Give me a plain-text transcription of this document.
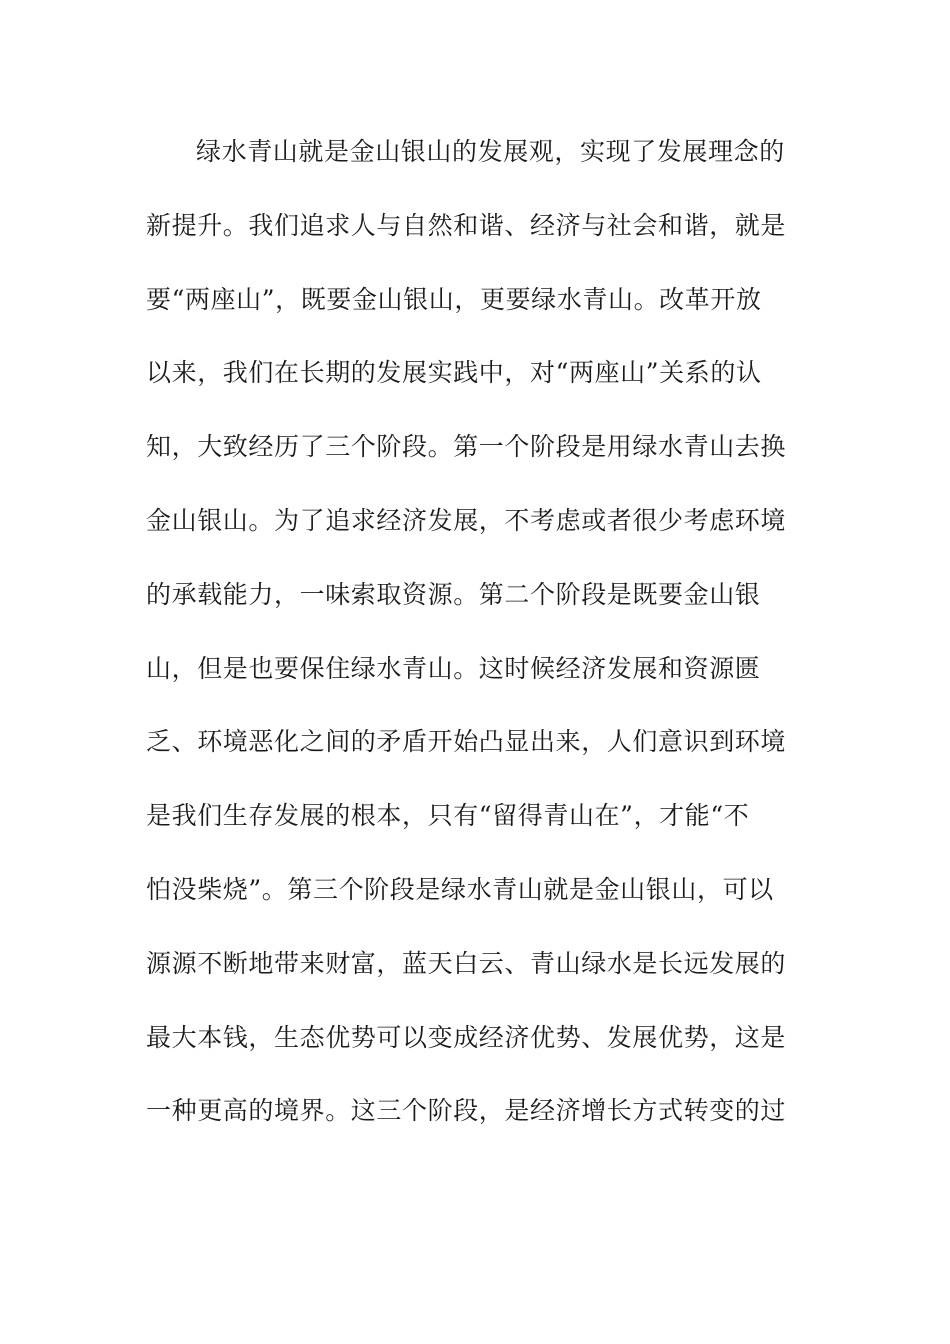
绿水青山就是金山银山的发展观，实现了发展理念的
新提升。我们追求人与自然和谐、经济与社会和谐，就是
要“两座山”，既要金山银山，更要绿水青山。改革开放
以来，我们在长期的发展实践中，对“两座山”关系的认
知，大致经历了三个阶段。第一个阶段是用绿水青山去换
金山银山。为了追求经济发展，不考虑或者很少考虑环境
的承载能力，一味索取资源。第二个阶段是既要金山银
山，但是也要保住绿水青山。这时候经济发展和资源匮
乏、环境恶化之间的矛盾开始凸显出来，人们意识到环境
是我们生存发展的根本，只有“留得青山在”，才能“不
怕没柴烧”。第三个阶段是绿水青山就是金山银山，可以
源源不断地带来财富，蓝天白云、青山绿水是长远发展的
最大本钱，生态优势可以变成经济优势、发展优势，这是
一种更高的境界。这三个阶段，是经济增长方式转变的过
